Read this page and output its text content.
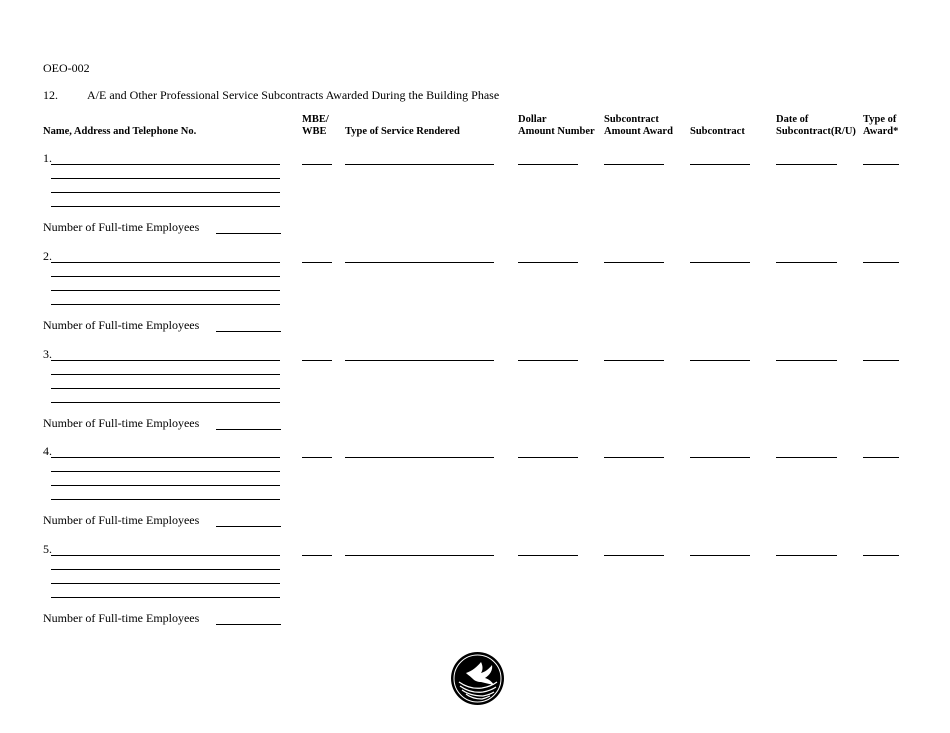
OEO-002
12. A/E and Other Professional Service Subcontracts Awarded During the Building Phase
Name, Address and Telephone No.
MBE/
WBE Type of Service Rendered
Dollar
Amount Number
Subcontract
Amount Award Subcontract
Date of
Subcontract(R/U)
Type of
Award*
1.
Number of Full-time Employees
2.
Number of Full-time Employees
3.
Number of Full-time Employees
4.
Number of Full-time Employees
5.
Number of Full-time Employees
